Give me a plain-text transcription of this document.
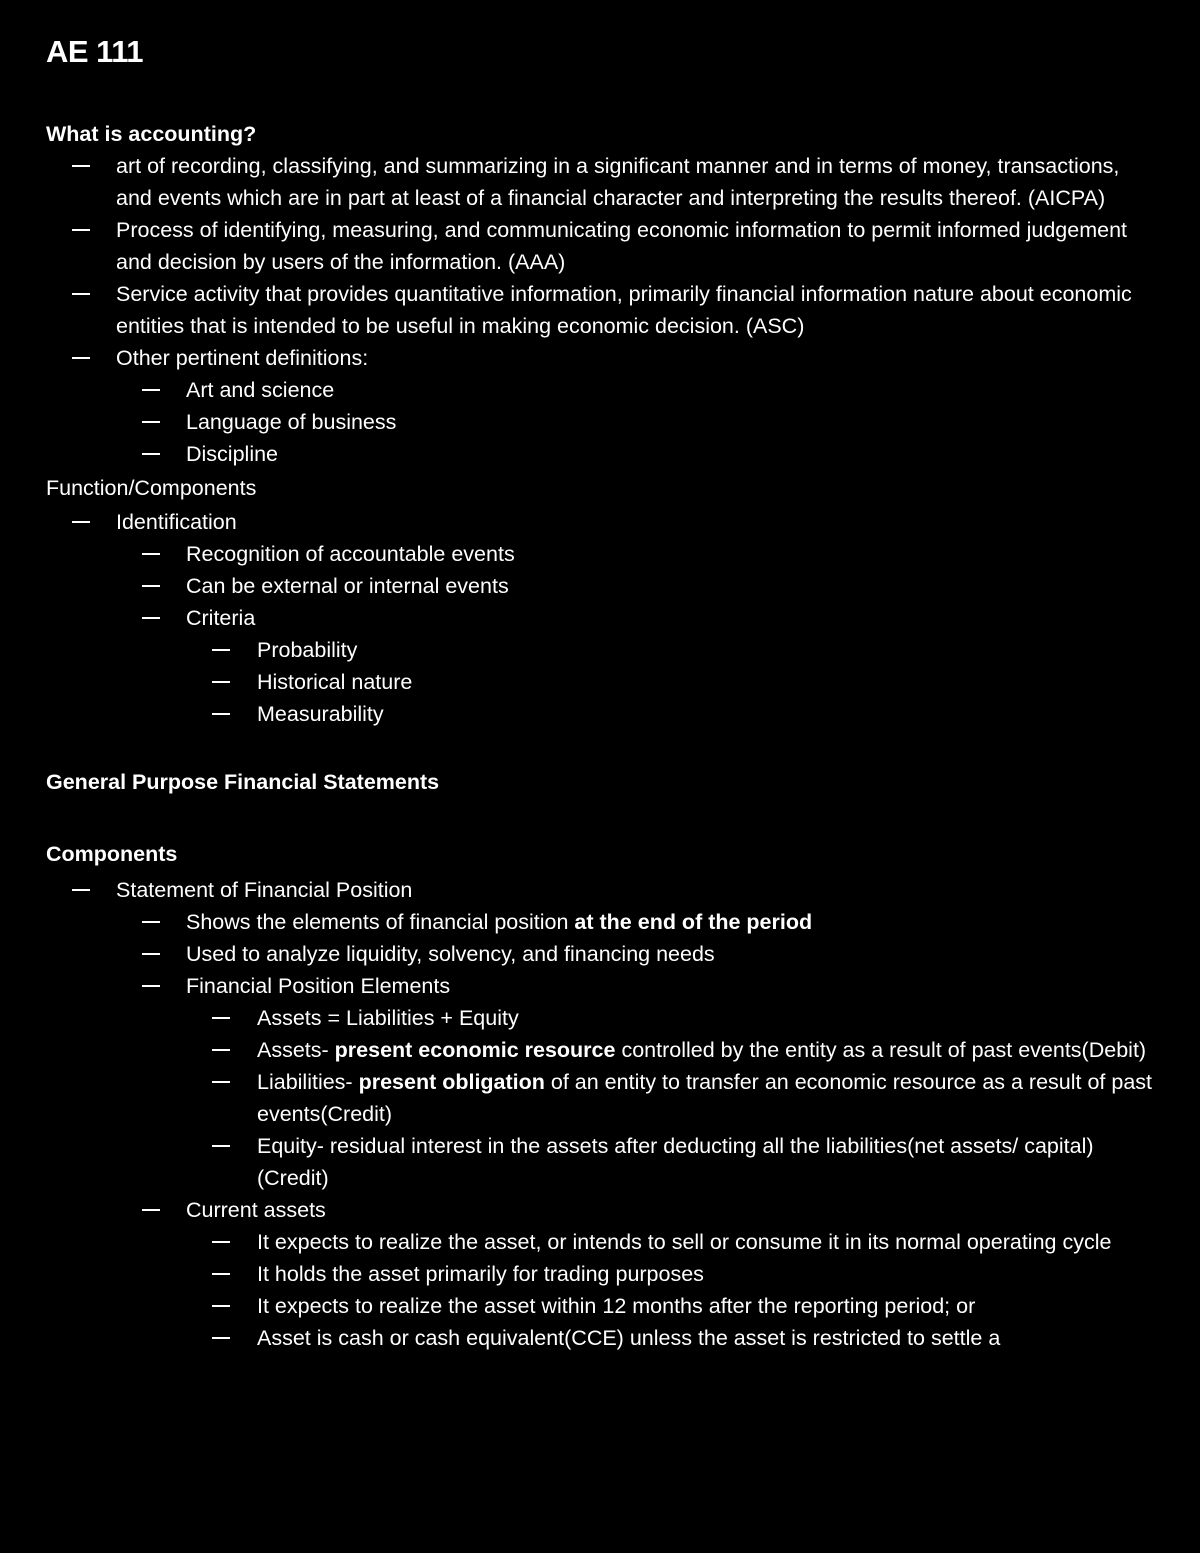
AE 111

What is accounting?

art of recording, classifying, and summarizing in a significant manner and in terms of money, transactions, and events which are in part at least of a financial character and interpreting the results thereof. (AICPA)
Process of identifying, measuring, and communicating economic information to permit informed judgement and decision by users of the information. (AAA)
Service activity that provides quantitative information, primarily financial information nature about economic entities that is intended to be useful in making economic decision. (ASC)
Other pertinent definitions:
Art and science
Language of business
Discipline

Function/Components

Identification
Recognition of accountable events
Can be external or internal events
Criteria
Probability
Historical nature
Measurability

General Purpose Financial Statements

Components

Statement of Financial Position
Shows the elements of financial position at the end of the period
Used to analyze liquidity, solvency, and financing needs
Financial Position Elements
Assets = Liabilities + Equity
Assets- present economic resource controlled by the entity as a result of past events(Debit)
Liabilities- present obligation of an entity to transfer an economic resource as a result of past events(Credit)
Equity- residual interest in the assets after deducting all the liabilities(net assets/ capital) (Credit)
Current assets
It expects to realize the asset, or intends to sell or consume it in its normal operating cycle
It holds the asset primarily for trading purposes
It expects to realize the asset within 12 months after the reporting period; or
Asset is cash or cash equivalent(CCE) unless the asset is restricted to settle a
